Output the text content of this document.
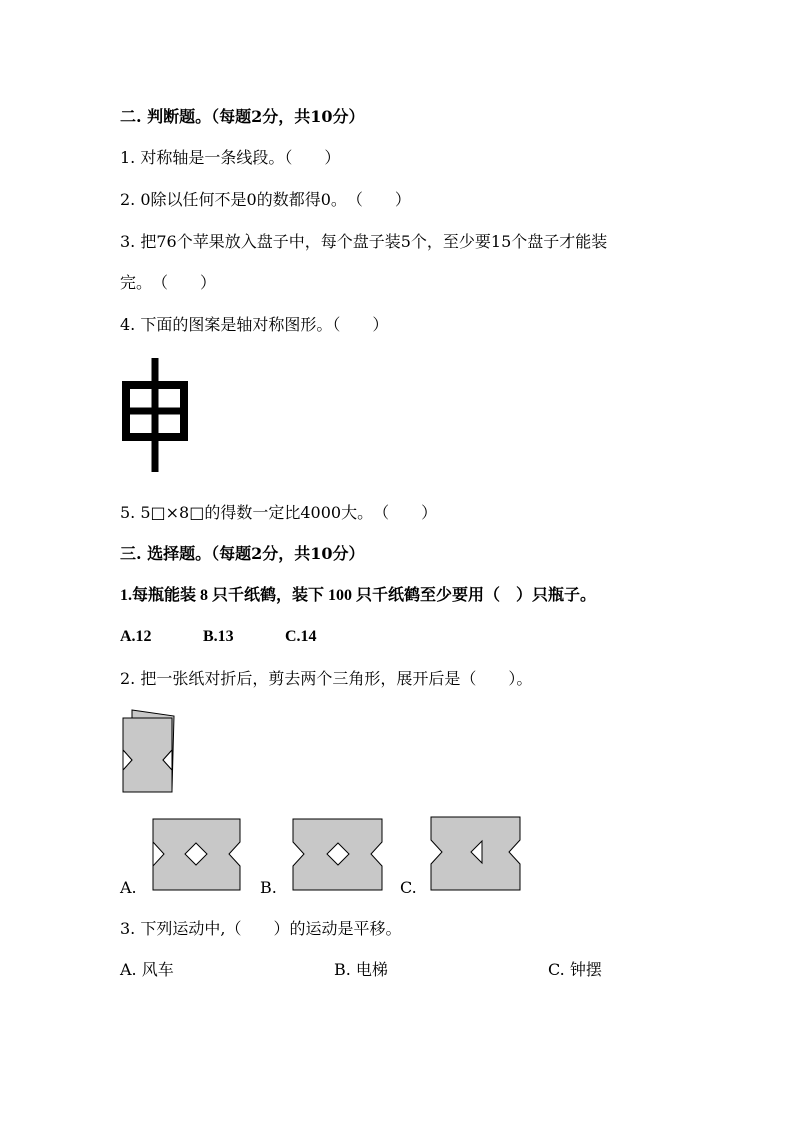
二. 判断题。（每题2分，共10分）
1. 对称轴是一条线段。（　　）
2. 0除以任何不是0的数都得0。　（　　）
3. 把76个苹果放入盘子中，每个盘子装5个，至少要15个盘子才能装
完。　（　　）
4. 下面的图案是轴对称图形。（　　）
5. 5□×8□的得数一定比4000大。　（　　）
三. 选择题。（每题2分，共10分）
1.每瓶能装 8 只千纸鹤，装下 100 只千纸鹤至少要用（　）只瓶子。
A.12	B.13	C.14
2. 把一张纸对折后，剪去两个三角形，展开后是（　　）。
A.	B.	C.
3. 下列运动中,（　　）的运动是平移。
A. 风车	B. 电梯	C. 钟摆
